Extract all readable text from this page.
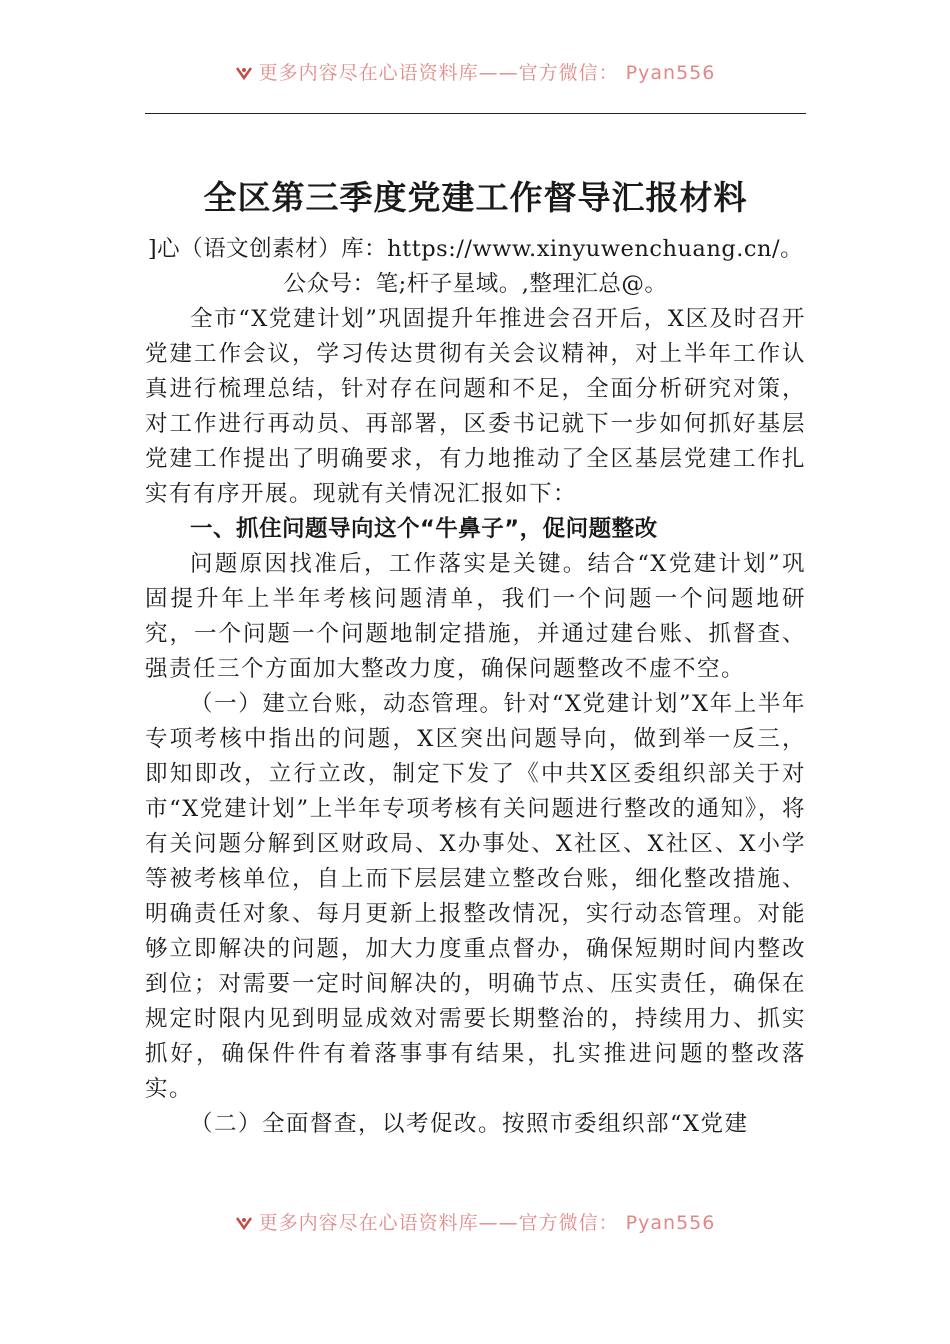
更多内容尽在心语资料库——官方微信： Pyan556
全区第三季度党建工作督导汇报材料

]心（语文创素材）库：https://www.xinyuwenchuang.cn/。公众号：笔;杆子星域。,整理汇总@。

全市“X党建计划”巩固提升年推进会召开后，X区及时召开党建工作会议，学习传达贯彻有关会议精神，对上半年工作认真进行梳理总结，针对存在问题和不足，全面分析研究对策，对工作进行再动员、再部署，区委书记就下一步如何抓好基层党建工作提出了明确要求，有力地推动了全区基层党建工作扎实有有序开展。现就有关情况汇报如下：

一、抓住问题导向这个“牛鼻子”，促问题整改

问题原因找准后，工作落实是关键。结合“X党建计划”巩固提升年上半年考核问题清单，我们一个问题一个问题地研究，一个问题一个问题地制定措施，并通过建台账、抓督查、强责任三个方面加大整改力度，确保问题整改不虚不空。

（一）建立台账，动态管理。针对“X党建计划”X年上半年专项考核中指出的问题，X区突出问题导向，做到举一反三，即知即改，立行立改，制定下发了《中共X区委组织部关于对市“X党建计划”上半年专项考核有关问题进行整改的通知》，将有关问题分解到区财政局、X办事处、X社区、X社区、X小学等被考核单位，自上而下层层建立整改台账，细化整改措施、明确责任对象、每月更新上报整改情况，实行动态管理。对能够立即解决的问题，加大力度重点督办，确保短期时间内整改到位；对需要一定时间解决的，明确节点、压实责任，确保在规定时限内见到明显成效对需要长期整治的，持续用力、抓实抓好，确保件件有着落事事有结果，扎实推进问题的整改落实。

（二）全面督查，以考促改。按照市委组织部“X党建

更多内容尽在心语资料库——官方微信： Pyan556
